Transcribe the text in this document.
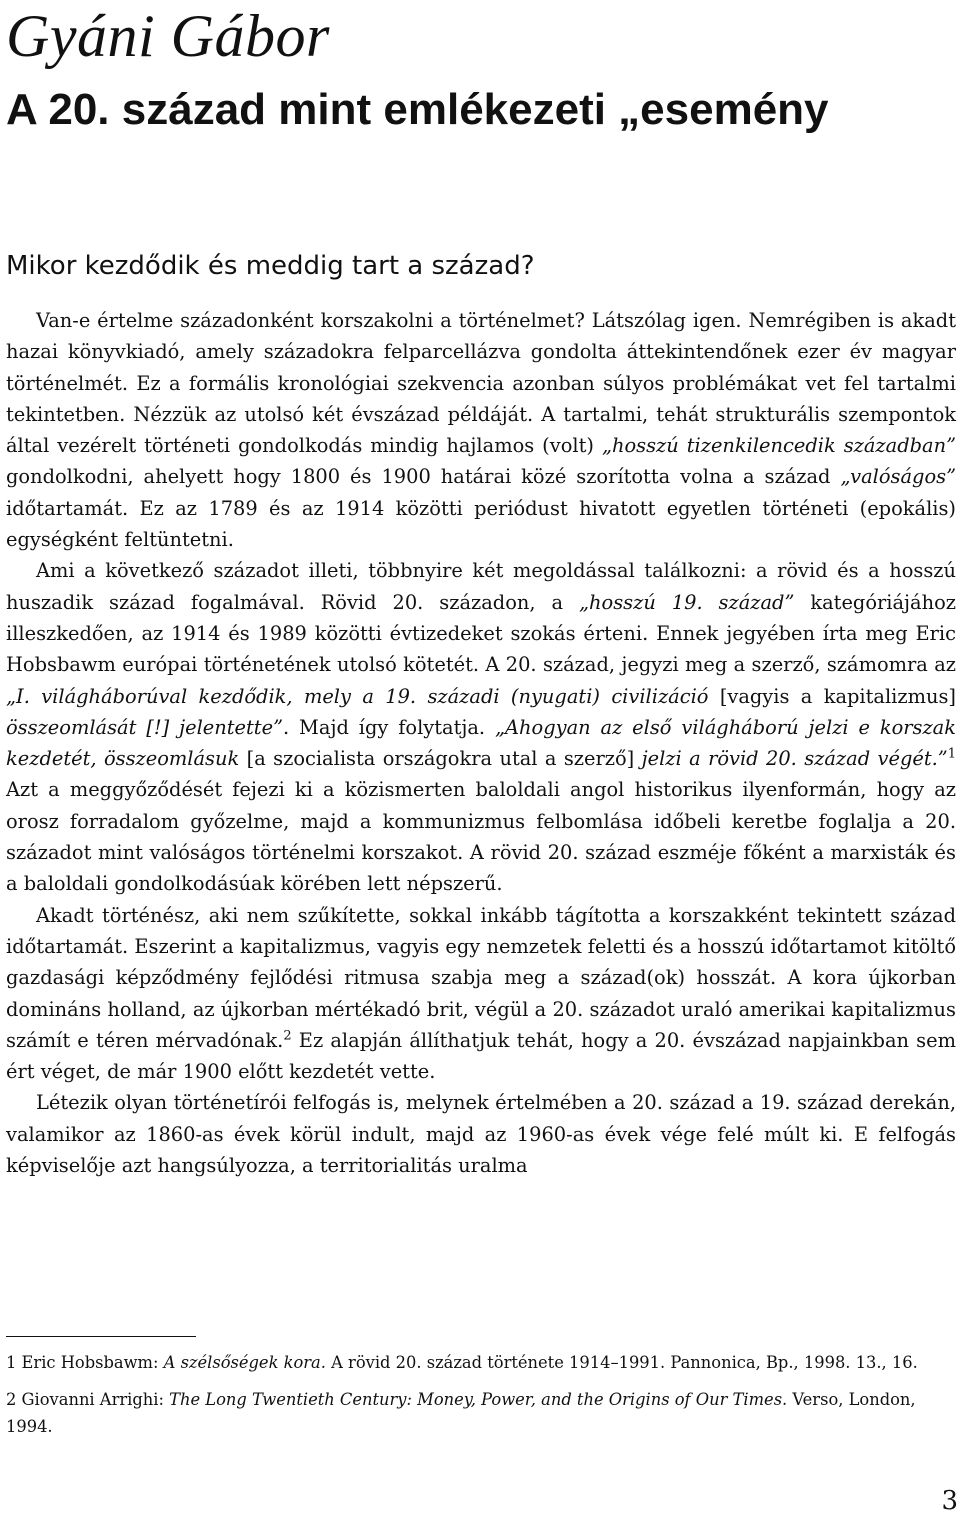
Gyáni Gábor
A 20. század mint emlékezeti „esemény
Mikor kezdődik és meddig tart a század?

Van-e értelme századonként korszakolni a történelmet? Látszólag igen. Nemrégiben is akadt hazai könyvkiadó, amely századokra felparcellázva gondolta áttekintendőnek ezer év magyar történelmét. Ez a formális kronológiai szekvencia azonban súlyos problémákat vet fel tartalmi tekintetben. Nézzük az utolsó két évszázad példáját. A tartalmi, tehát strukturális szempontok által vezérelt történeti gondolkodás mindig hajlamos (volt) „hosszú tizenkilencedik században” gondolkodni, ahelyett hogy 1800 és 1900 határai közé szorította volna a század „valóságos” időtartamát. Ez az 1789 és az 1914 közötti periódust hivatott egyetlen történeti (epokális) egységként feltüntetni.

Ami a következő századot illeti, többnyire két megoldással találkozni: a rövid és a hosszú huszadik század fogalmával. Rövid 20. századon, a „hosszú 19. század” kategóriájához illeszkedően, az 1914 és 1989 közötti évtizedeket szokás érteni. Ennek jegyében írta meg Eric Hobsbawm európai történetének utolsó kötetét. A 20. század, jegyzi meg a szerző, számomra az „I. világháborúval kezdődik, mely a 19. századi (nyugati) civilizáció [vagyis a kapitalizmus] összeomlását [!] jelentette”. Majd így folytatja. „Ahogyan az első világháború jelzi e korszak kezdetét, összeomlásuk [a szocialista országokra utal a szerző] jelzi a rövid 20. század végét.”$^1$ Azt a meggyőződését fejezi ki a közismerten baloldali angol historikus ilyenformán, hogy az orosz forradalom győzelme, majd a kommunizmus felbomlása időbeli keretbe foglalja a 20. századot mint valóságos történelmi korszakot. A rövid 20. század eszméje főként a marxisták és a baloldali gondolkodásúak körében lett népszerű.

Akadt történész, aki nem szűkítette, sokkal inkább tágította a korszakként tekintett század időtartamát. Eszerint a kapitalizmus, vagyis egy nemzetek feletti és a hosszú időtartamot kitöltő gazdasági képződmény fejlődési ritmusa szabja meg a század(ok) hosszát. A kora újkorban domináns holland, az újkorban mértékadó brit, végül a 20. századot uraló amerikai kapitalizmus számít e téren mérvadónak.$^2$ Ez alapján állíthatjuk tehát, hogy a 20. évszázad napjainkban sem ért véget, de már 1900 előtt kezdetét vette.

Létezik olyan történetírói felfogás is, melynek értelmében a 20. század a 19. század derekán, valamikor az 1860-as évek körül indult, majd az 1960-as évek vége felé múlt ki. E felfogás képviselője azt hangsúlyozza, a territorialitás uralma

1 Eric Hobsbawm: A szélsőségek kora. A rövid 20. század története 1914–1991. Pannonica, Bp., 1998. 13., 16.

2 Giovanni Arrighi: The Long Twentieth Century: Money, Power, and the Origins of Our Times. Verso, London, 1994.

3
